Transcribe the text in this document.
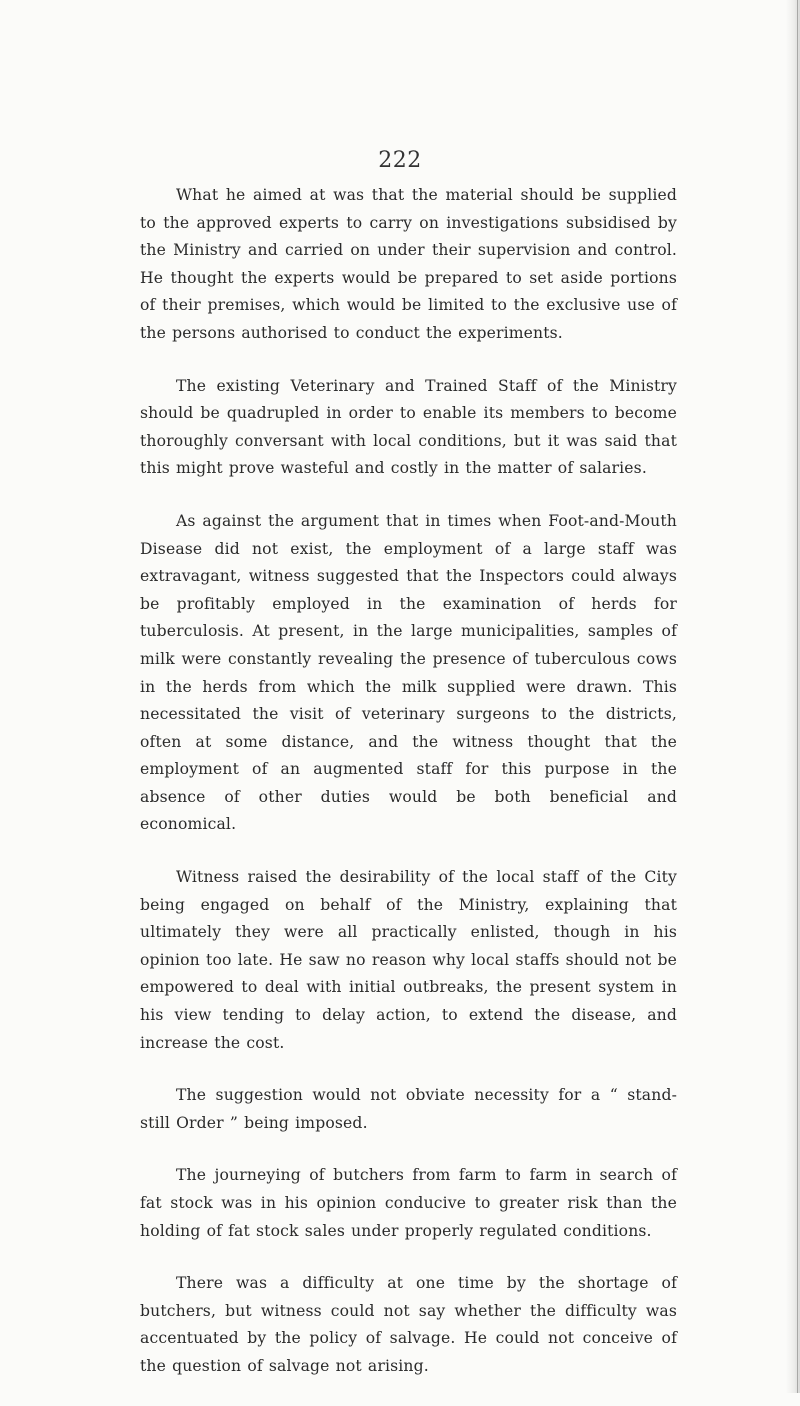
222

What he aimed at was that the material should be supplied to the approved experts to carry on investigations subsidised by the Ministry and carried on under their supervision and control. He thought the experts would be prepared to set aside portions of their premises, which would be limited to the exclusive use of the persons authorised to conduct the experiments.

The existing Veterinary and Trained Staff of the Ministry should be quadrupled in order to enable its members to become thoroughly conversant with local conditions, but it was said that this might prove wasteful and costly in the matter of salaries.

As against the argument that in times when Foot-and-Mouth Disease did not exist, the employment of a large staff was extravagant, witness suggested that the Inspectors could always be profitably employed in the examination of herds for tuberculosis. At present, in the large municipalities, samples of milk were constantly revealing the presence of tuberculous cows in the herds from which the milk supplied were drawn. This necessitated the visit of veterinary surgeons to the districts, often at some distance, and the witness thought that the employment of an augmented staff for this purpose in the absence of other duties would be both beneficial and economical.

Witness raised the desirability of the local staff of the City being engaged on behalf of the Ministry, explaining that ultimately they were all practically enlisted, though in his opinion too late. He saw no reason why local staffs should not be empowered to deal with initial outbreaks, the present system in his view tending to delay action, to extend the disease, and increase the cost.

The suggestion would not obviate necessity for a “ stand-still Order ” being imposed.

The journeying of butchers from farm to farm in search of fat stock was in his opinion conducive to greater risk than the holding of fat stock sales under properly regulated conditions.

There was a difficulty at one time by the shortage of butchers, but witness could not say whether the difficulty was accentuated by the policy of salvage. He could not conceive of the question of salvage not arising.
